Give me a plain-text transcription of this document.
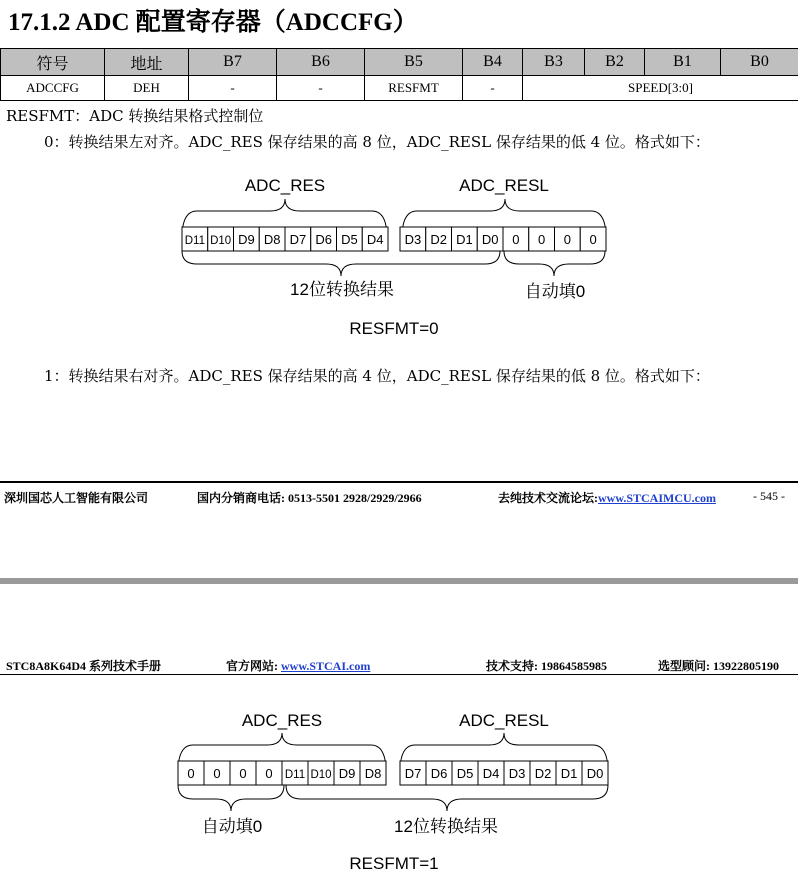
17.1.2 ADC 配置寄存器（ADCCFG）
符号	地址	B7	B6	B5	B4	B3	B2	B1	B0
ADCCFG	DEH	-	-	RESFMT	-	SPEED[3:0]			
RESFMT：ADC 转换结果格式控制位
0：转换结果左对齐。ADC_RES 保存结果的高 8 位，ADC_RESL 保存结果的低 4 位。格式如下：
ADC_RES	ADC_RESL
D11 D10 D9 D8 D7 D6 D5 D4 D3 D2 D1 D0 0 0 0 0
12位转换结果	自动填0
RESFMT=0
1：转换结果右对齐。ADC_RES 保存结果的高 4 位，ADC_RESL 保存结果的低 8 位。格式如下：
深圳国芯人工智能有限公司	国内分销商电话: 0513-5501 2928/2929/2966	去纯技术交流论坛:www.STCAIMCU.com	- 545 -
STC8A8K64D4 系列技术手册	官方网站: www.STCAI.com	技术支持: 19864585985	选型顾问: 13922805190
ADC_RES	ADC_RESL
0 0 0 0 D11 D10 D9 D8 D7 D6 D5 D4 D3 D2 D1 D0
自动填0	12位转换结果
RESFMT=1
